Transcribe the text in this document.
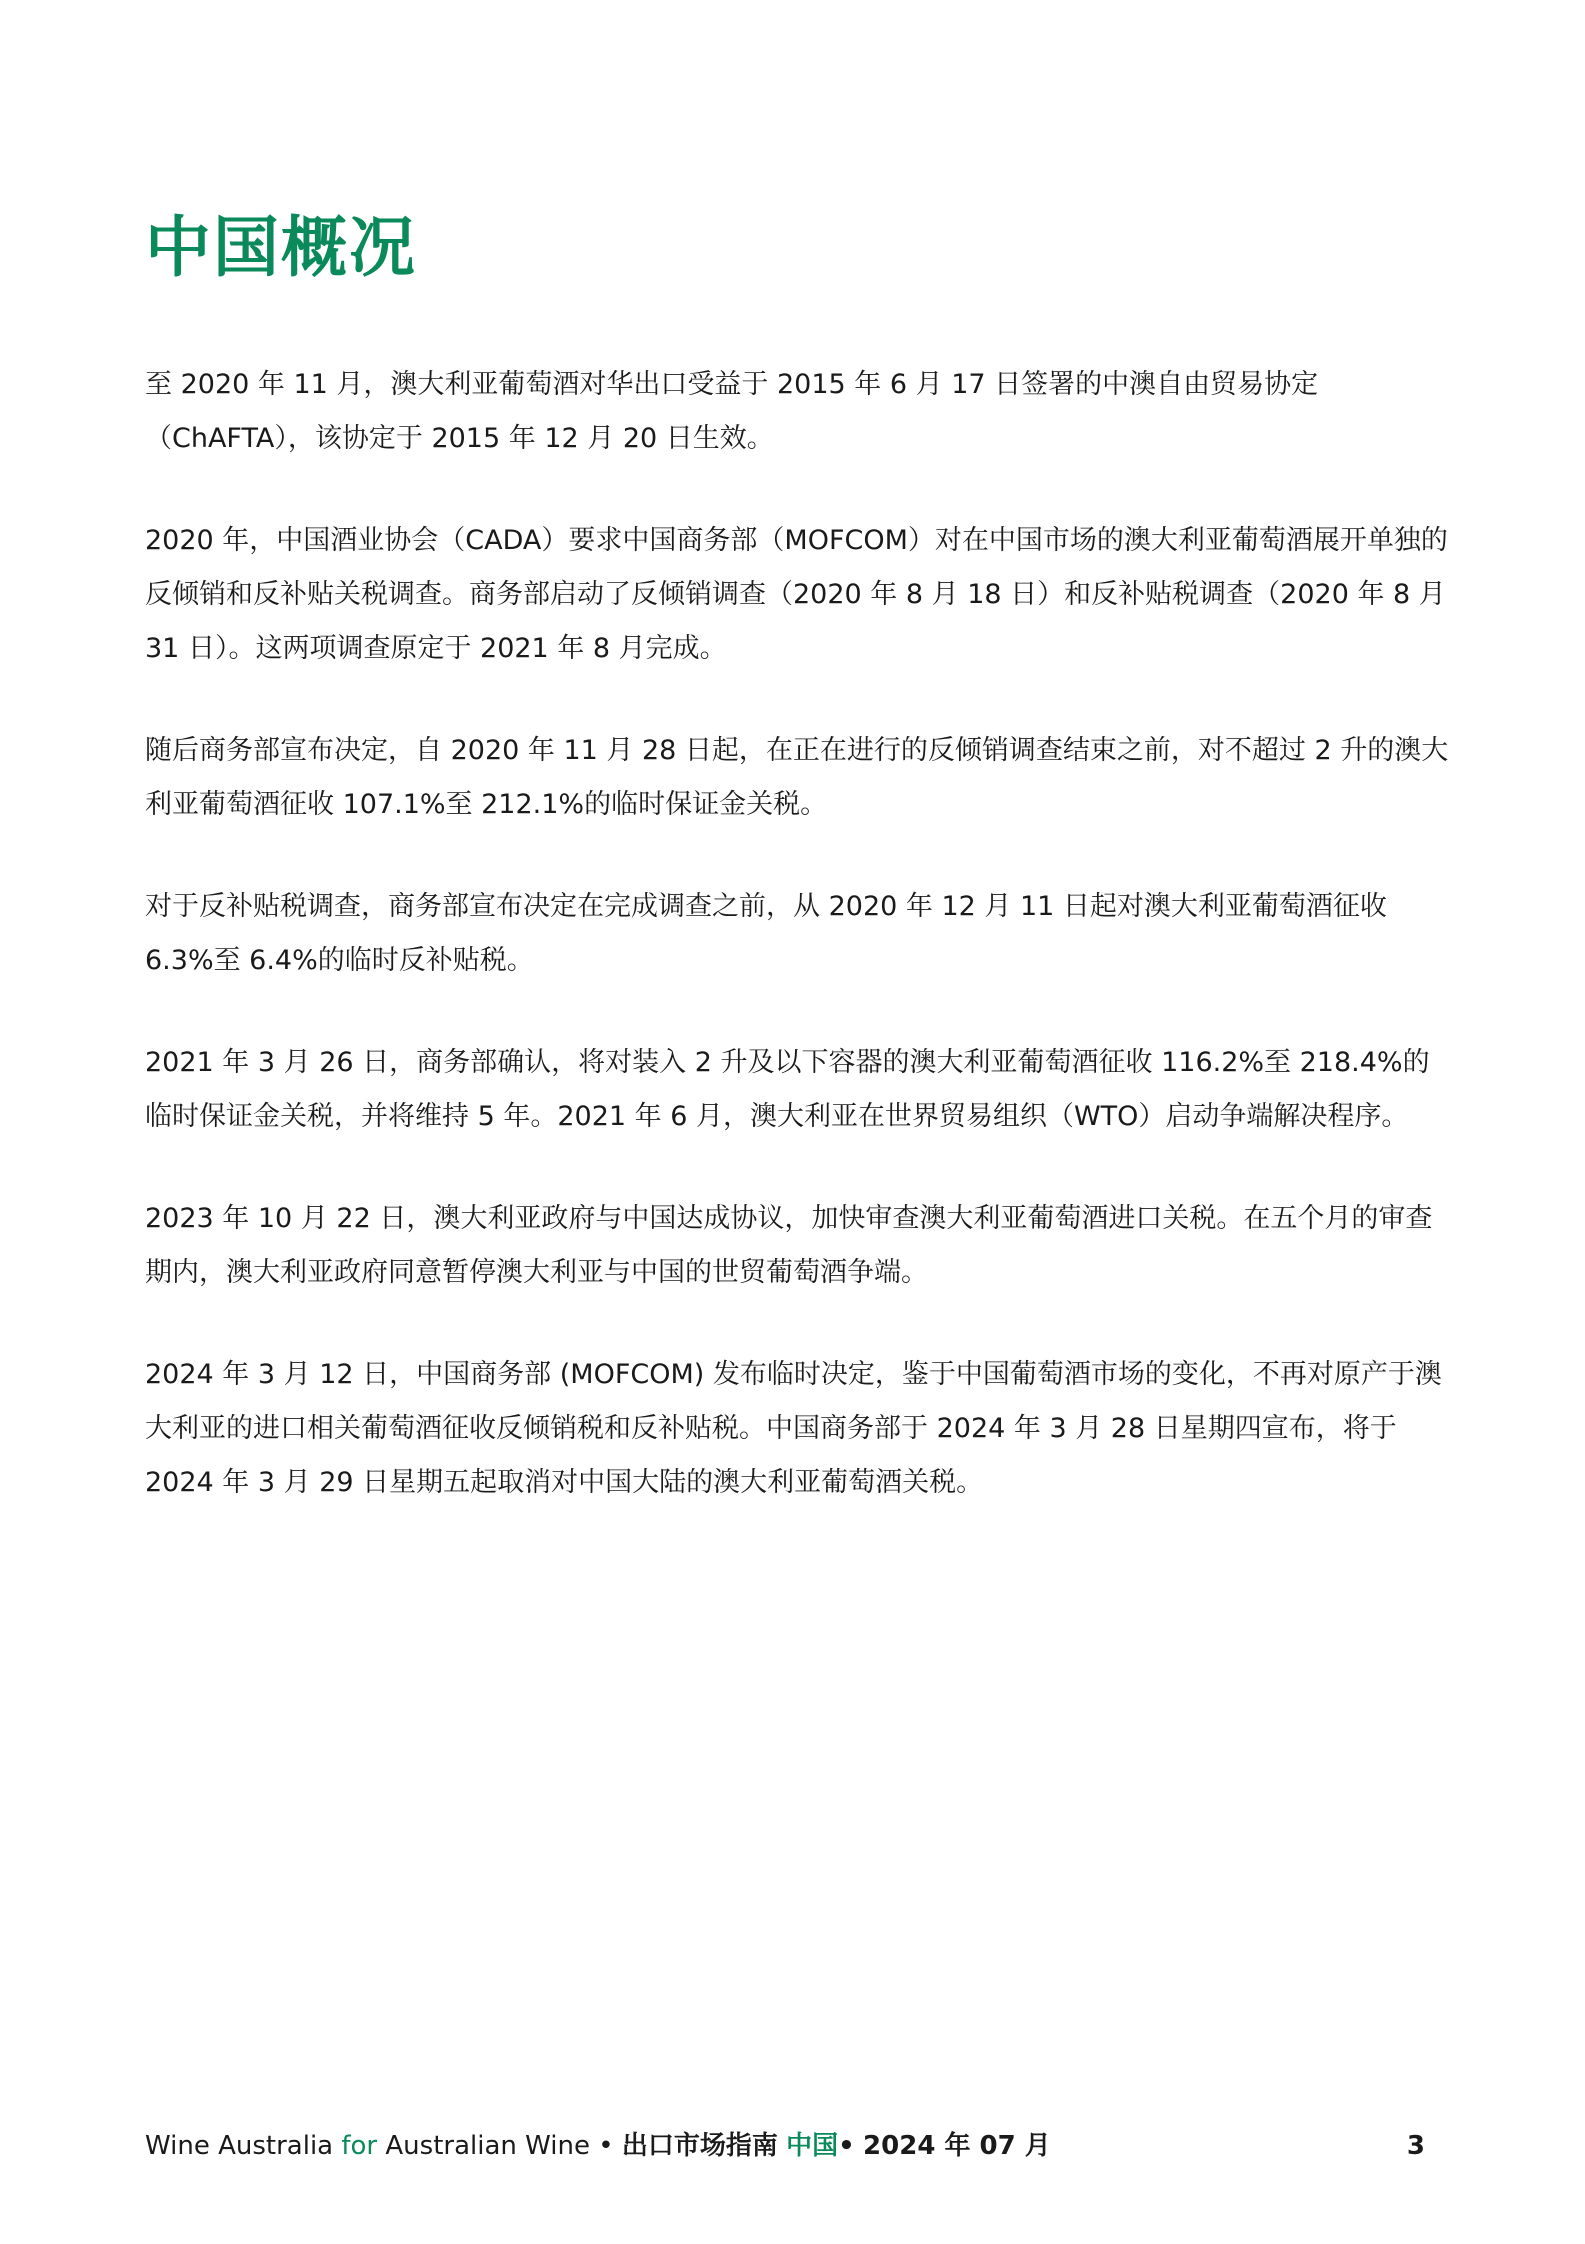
中国概况

至 2020 年 11 月，澳大利亚葡萄酒对华出口受益于 2015 年 6 月 17 日签署的中澳自由贸易协定（ChAFTA），该协定于 2015 年 12 月 20 日生效。

2020 年，中国酒业协会（CADA）要求中国商务部（MOFCOM）对在中国市场的澳大利亚葡萄酒展开单独的反倾销和反补贴关税调查。商务部启动了反倾销调查（2020 年 8 月 18 日）和反补贴税调查（2020 年 8 月 31 日）。这两项调查原定于 2021 年 8 月完成。

随后商务部宣布决定，自 2020 年 11 月 28 日起，在正在进行的反倾销调查结束之前，对不超过 2 升的澳大利亚葡萄酒征收 107.1%至 212.1%的临时保证金关税。

对于反补贴税调查，商务部宣布决定在完成调查之前，从 2020 年 12 月 11 日起对澳大利亚葡萄酒征收 6.3%至 6.4%的临时反补贴税。

2021 年 3 月 26 日，商务部确认，将对装入 2 升及以下容器的澳大利亚葡萄酒征收 116.2%至 218.4%的临时保证金关税，并将维持 5 年。2021 年 6 月，澳大利亚在世界贸易组织（WTO）启动争端解决程序。

2023 年 10 月 22 日，澳大利亚政府与中国达成协议，加快审查澳大利亚葡萄酒进口关税。在五个月的审查期内，澳大利亚政府同意暂停澳大利亚与中国的世贸葡萄酒争端。

2024 年 3 月 12 日，中国商务部 (MOFCOM) 发布临时决定，鉴于中国葡萄酒市场的变化，不再对原产于澳大利亚的进口相关葡萄酒征收反倾销税和反补贴税。中国商务部于 2024 年 3 月 28 日星期四宣布，将于 2024 年 3 月 29 日星期五起取消对中国大陆的澳大利亚葡萄酒关税。

Wine Australia for Australian Wine • 出口市场指南 中国• 2024 年 07 月	3
